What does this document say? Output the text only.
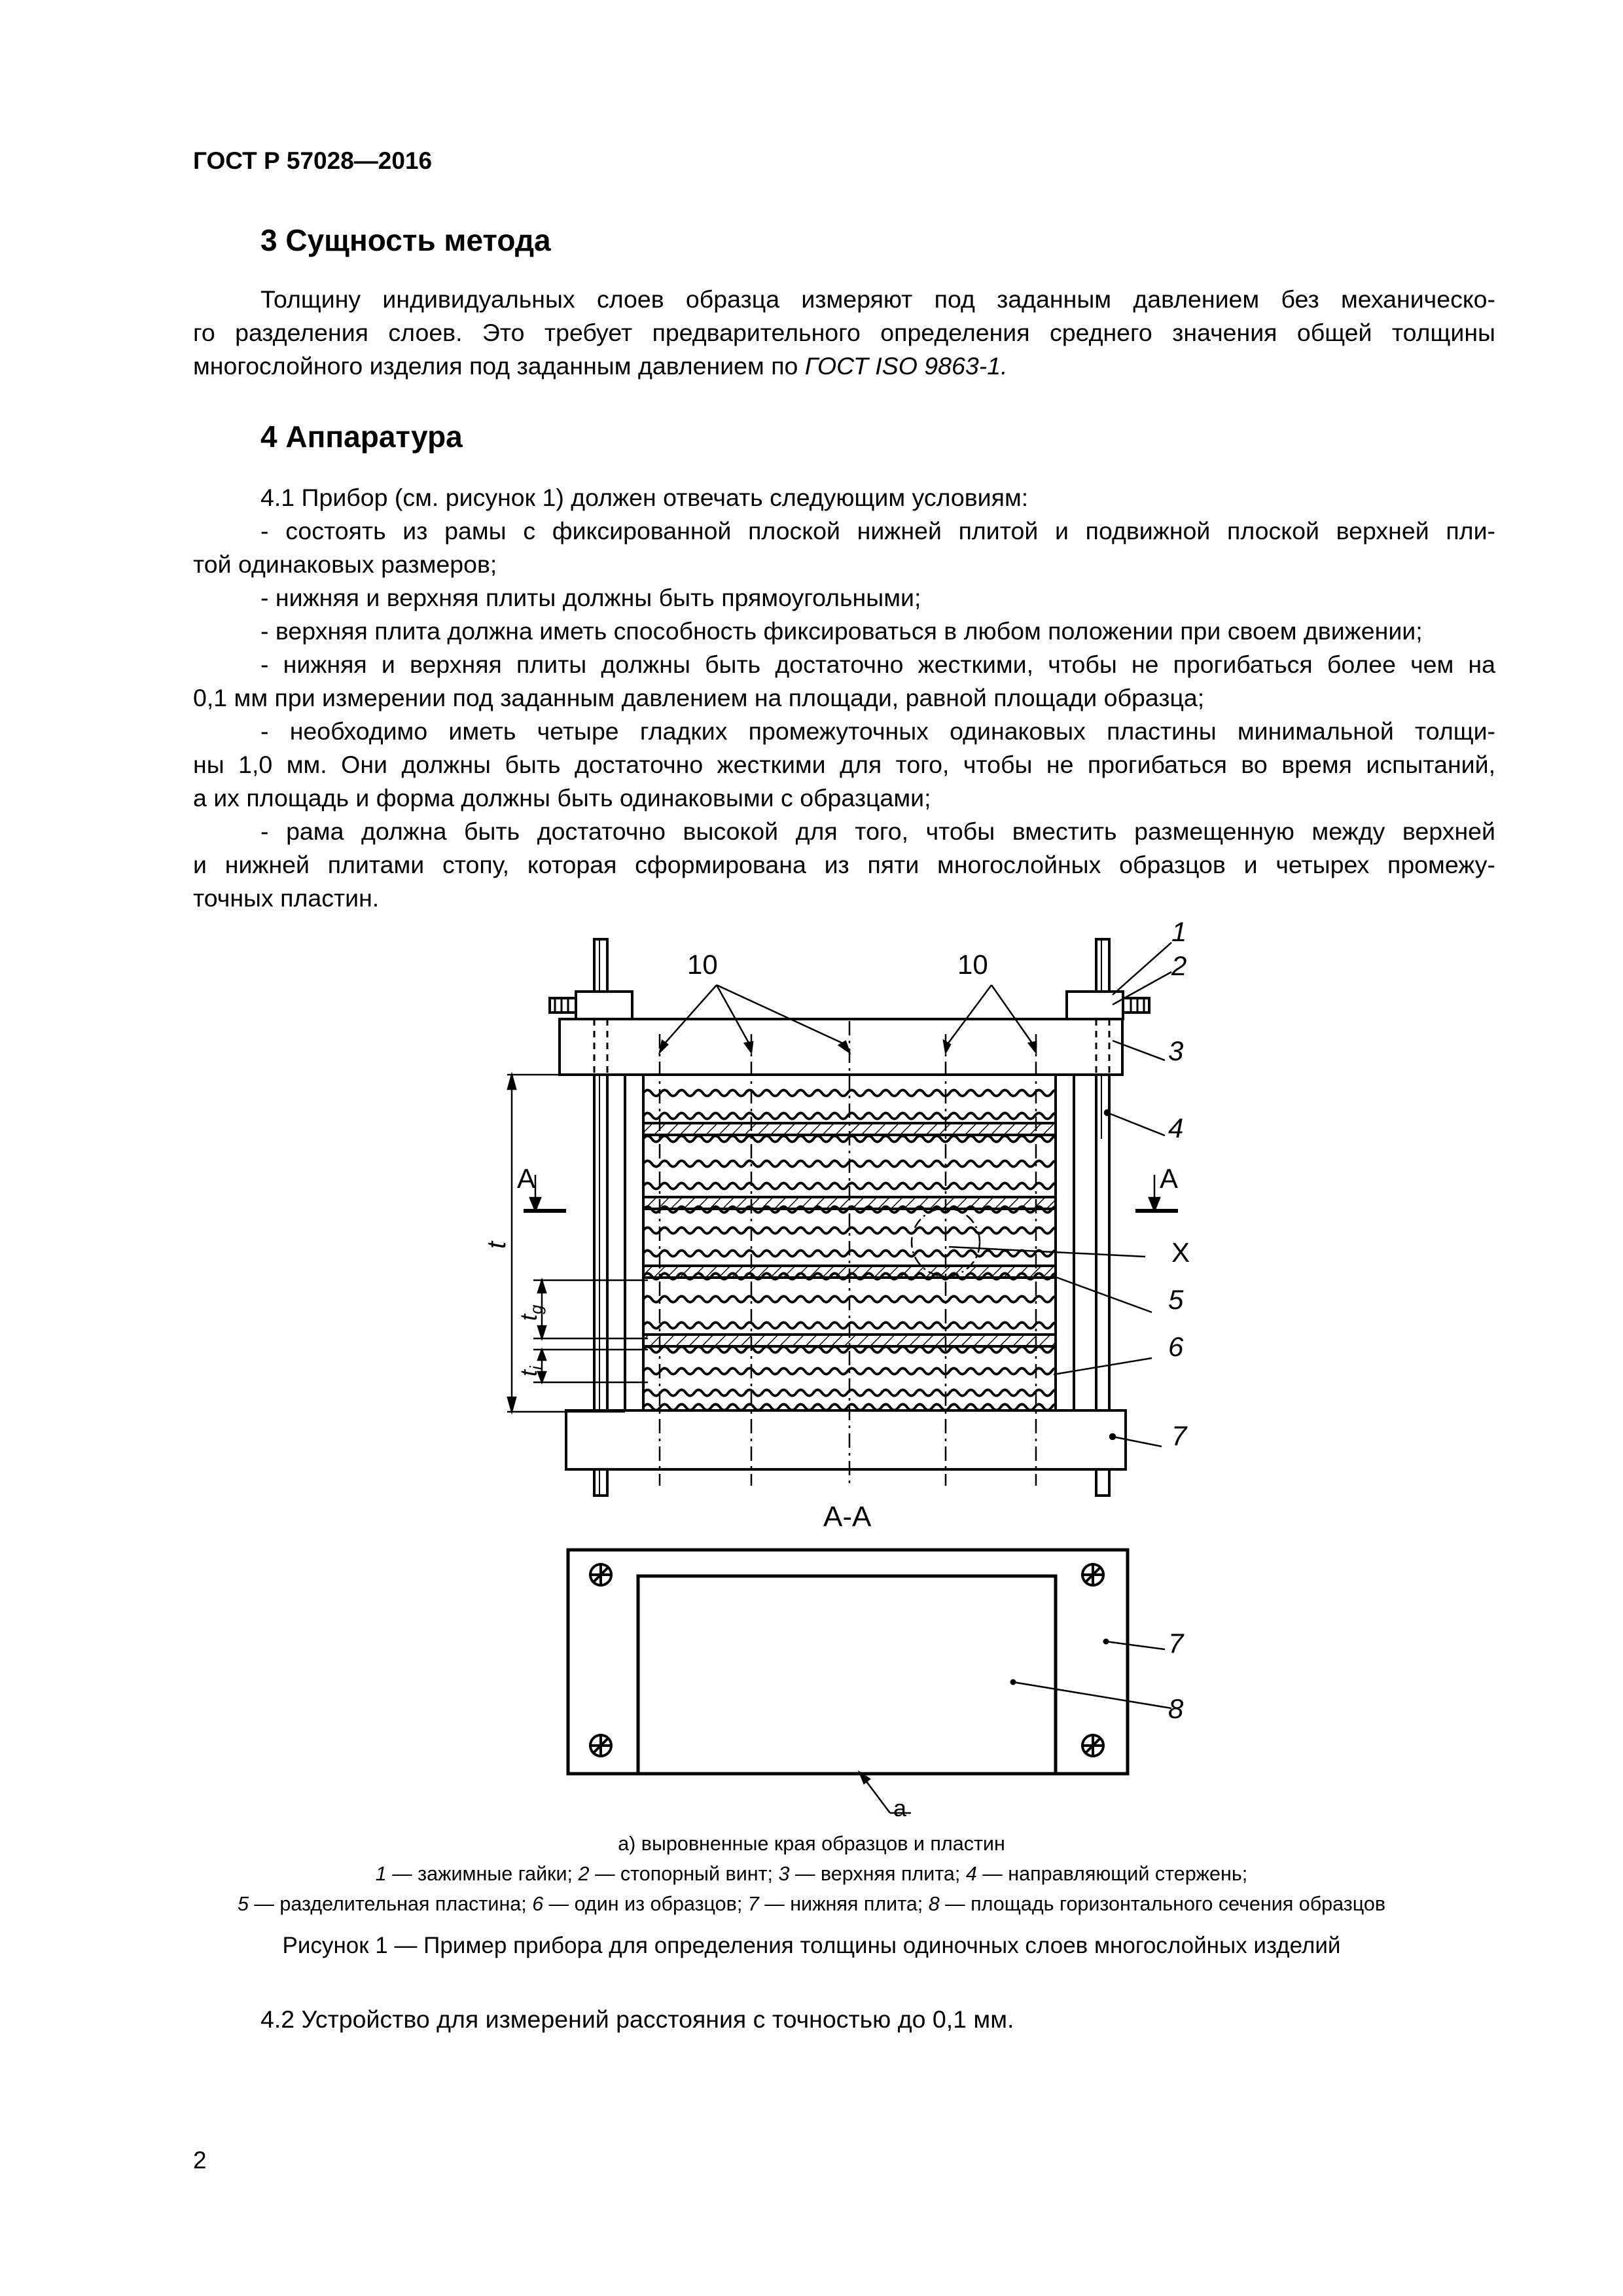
ГОСТ Р 57028—2016
3 Сущность метода

Толщину индивидуальных слоев образца измеряют под заданным давлением без механическо-

го разделения слоев. Это требует предварительного определения среднего значения общей толщины

многослойного изделия под заданным давлением по ГОСТ ISO 9863-1.

4 Аппаратура

4.1 Прибор (см. рисунок 1) должен отвечать следующим условиям:

- состоять из рамы с фиксированной плоской нижней плитой и подвижной плоской верхней пли-

той одинаковых размеров;

- нижняя и верхняя плиты должны быть прямоугольными;

- верхняя плита должна иметь способность фиксироваться в любом положении при своем движении;

- нижняя и верхняя плиты должны быть достаточно жесткими, чтобы не прогибаться более чем на

0,1 мм при измерении под заданным давлением на площади, равной площади образца;

- необходимо иметь четыре гладких промежуточных одинаковых пластины минимальной толщи-

ны 1,0 мм. Они должны быть достаточно жесткими для того, чтобы не прогибаться во время испытаний,

а их площадь и форма должны быть одинаковыми с образцами;

- рама должна быть достаточно высокой для того, чтобы вместить размещенную между верхней

и нижней плитами стопу, которая сформирована из пяти многослойных образцов и четырех промежу-

точных пластин.

10	10
1
2
3
4
X
5
6
7
A	A
t
$t_g$
$t_i$
А-А
7
8
a
а) выровненные края образцов и пластин
1 — зажимные гайки; 2 — стопорный винт; 3 — верхняя плита; 4 — направляющий стержень;
5 — разделительная пластина; 6 — один из образцов; 7 — нижняя плита; 8 — площадь горизонтального сечения образцов
Рисунок 1 — Пример прибора для определения толщины одиночных слоев многослойных изделий

4.2 Устройство для измерений расстояния с точностью до 0,1 мм.

2
